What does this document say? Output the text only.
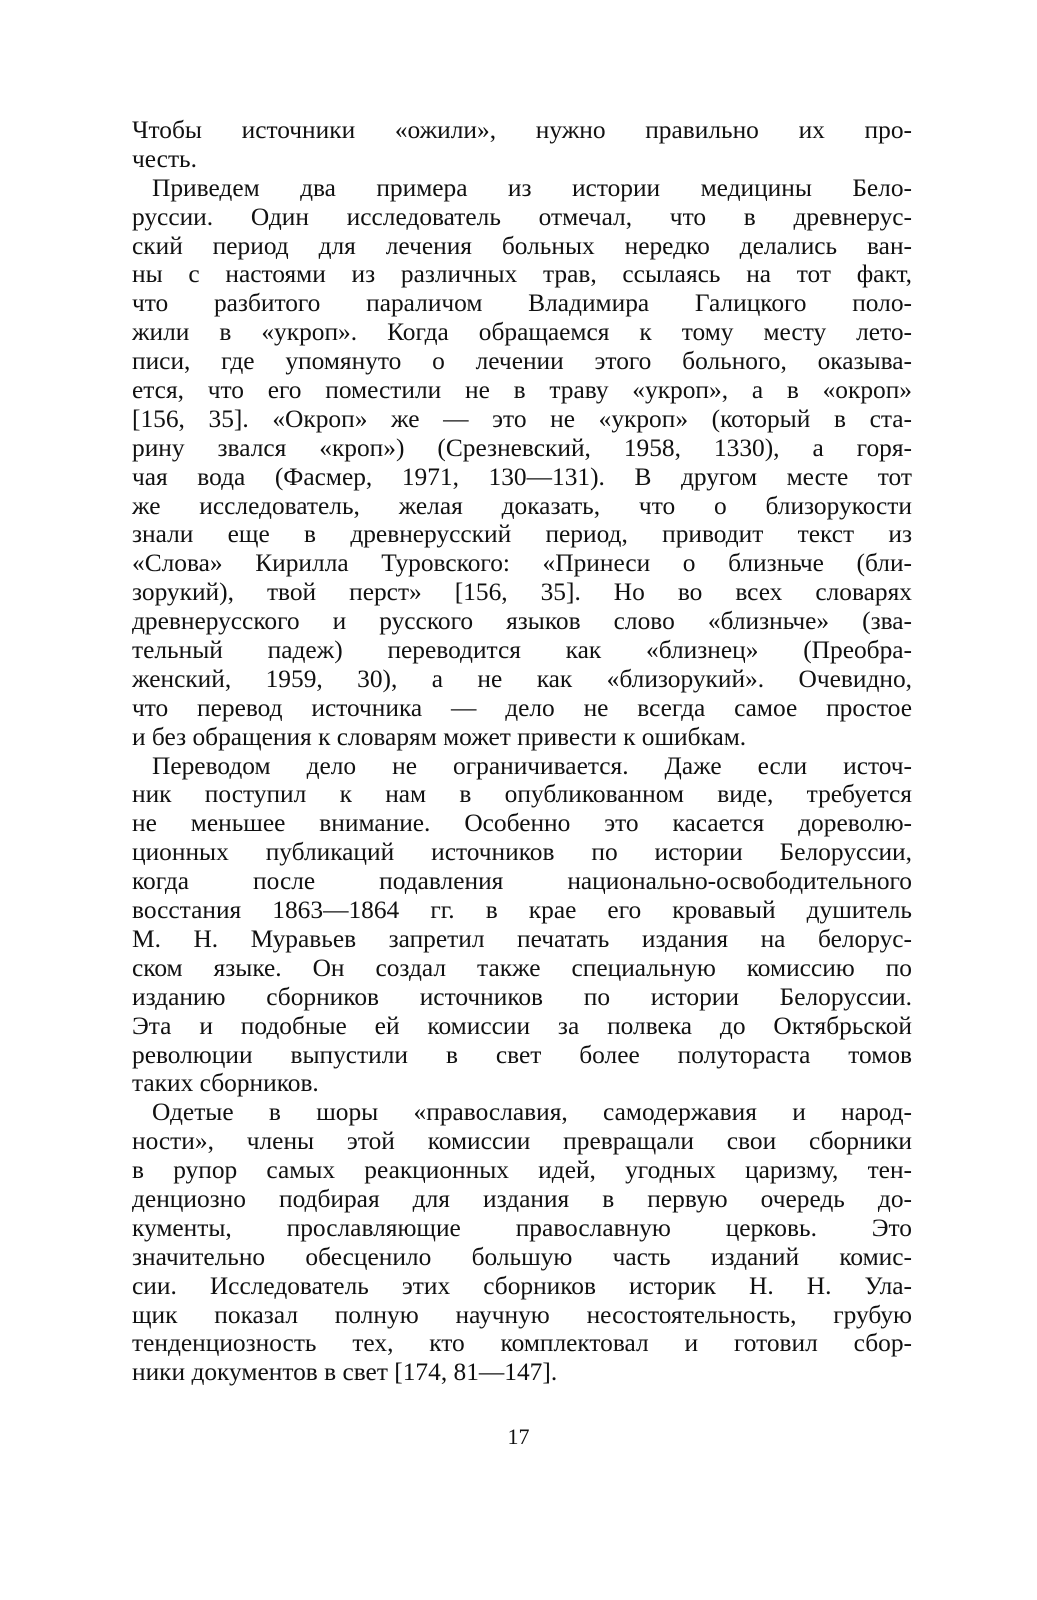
Чтобы источники «ожили», нужно правильно их про-
честь.
Приведем два примера из истории медицины Бело-
руссии. Один исследователь отмечал, что в древнерус-
ский период для лечения больных нередко делались ван-
ны с настоями из различных трав, ссылаясь на тот факт,
что разбитого параличом Владимира Галицкого поло-
жили в «укроп». Когда обращаемся к тому месту лето-
писи, где упомянуто о лечении этого больного, оказыва-
ется, что его поместили не в траву «укроп», а в «окроп»
[156, 35]. «Окроп» же — это не «укроп» (который в ста-
рину звался «кроп») (Срезневский, 1958, 1330), а горя-
чая вода (Фасмер, 1971, 130—131). В другом месте тот
же исследователь, желая доказать, что о близорукости
знали еще в древнерусский период, приводит текст из
«Слова» Кирилла Туровского: «Принеси о близньче (бли-
зорукий), твой перст» [156, 35]. Но во всех словарях
древнерусского и русского языков слово «близньче» (зва-
тельный падеж) переводится как «близнец» (Преобра-
женский, 1959, 30), а не как «близорукий». Очевидно,
что перевод источника — дело не всегда самое простое
и без обращения к словарям может привести к ошибкам.
Переводом дело не ограничивается. Даже если источ-
ник поступил к нам в опубликованном виде, требуется
не меньшее внимание. Особенно это касается дореволю-
ционных публикаций источников по истории Белоруссии,
когда после подавления национально-освободительного
восстания 1863—1864 гг. в крае его кровавый душитель
М. Н. Муравьев запретил печатать издания на белорус-
ском языке. Он создал также специальную комиссию по
изданию сборников источников по истории Белоруссии.
Эта и подобные ей комиссии за полвека до Октябрьской
революции выпустили в свет более полутораста томов
таких сборников.
Одетые в шоры «православия, самодержавия и народ-
ности», члены этой комиссии превращали свои сборники
в рупор самых реакционных идей, угодных царизму, тен-
денциозно подбирая для издания в первую очередь до-
кументы, прославляющие православную церковь. Это
значительно обесценило большую часть изданий комис-
сии. Исследователь этих сборников историк Н. Н. Ула-
щик показал полную научную несостоятельность, грубую
тенденциозность тех, кто комплектовал и готовил сбор-
ники документов в свет [174, 81—147].
17
